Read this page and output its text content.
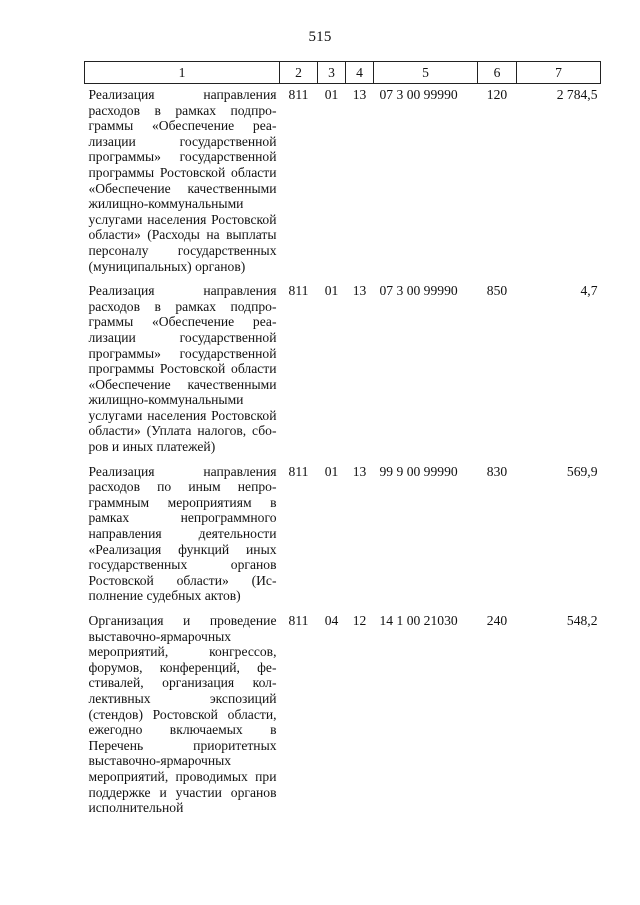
515
1	2	3	4	5	6	7
Реализация направления расходов в рамках подпрограммы «Обеспечение реализации государственной программы» государственной программы Ростовской области «Обеспечение качественными жилищно-коммунальными услугами населения Ростовской области» (Расходы на выплаты персоналу государственных (муниципальных) органов)	811	01	13	07 3 00 99990	120	2 784,5
Реализация направления расходов в рамках подпрограммы «Обеспечение реализации государственной программы» государственной программы Ростовской области «Обеспечение качественными жилищно-коммунальными услугами населения Ростовской области» (Уплата налогов, сборов и иных платежей)	811	01	13	07 3 00 99990	850	4,7
Реализация направления расходов по иным непрограммным мероприятиям в рамках непрограммного направления деятельности «Реализация функций иных государственных органов Ростовской области» (Исполнение судебных актов)	811	01	13	99 9 00 99990	830	569,9
Организация и проведение выставочно-ярмарочных мероприятий, конгрессов, форумов, конференций, фестивалей, организация коллективных экспозиций (стендов) Ростовской области, ежегодно включаемых в Перечень приоритетных выставочно-ярмарочных мероприятий, проводимых при поддержке и участии органов исполнительной	811	04	12	14 1 00 21030	240	548,2
